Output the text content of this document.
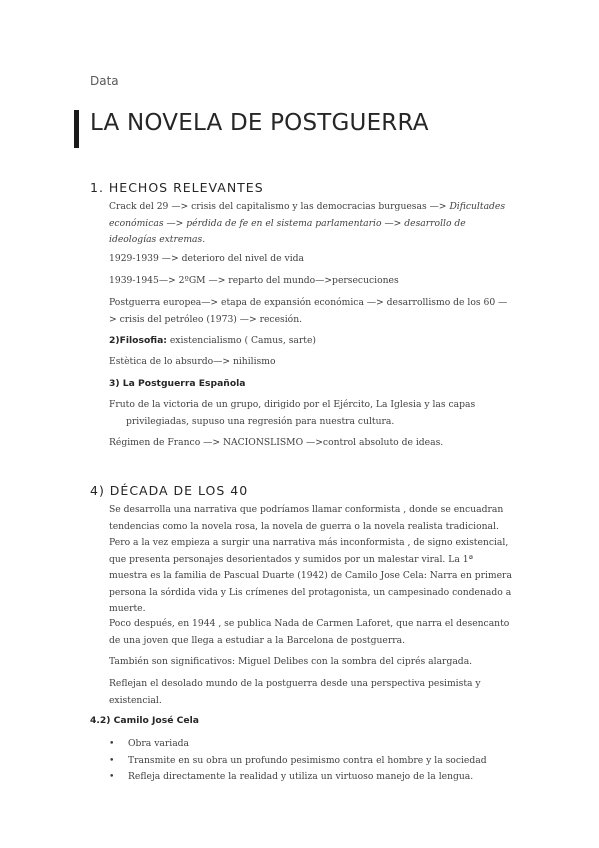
Data
LA NOVELA DE POSTGUERRA
1. HECHOS RELEVANTES
Crack del 29 —> crisis del capitalismo y las democracias burguesas —> Dificultades económicas —> pérdida de fe en el sistema parlamentario —> desarrollo de ideologías extremas.
1929-1939 —> deterioro del nivel de vida
1939-1945—> 2ºGM —> reparto del mundo—>persecuciones
Postguerra europea—> etapa de expansión económica —> desarrollismo de los 60 —> crisis del petróleo (1973) —> recesión.
2)Filosofia: existencialismo ( Camus, sarte)
Estètica de lo absurdo—> nihilismo
3) La Postguerra Española
Fruto de la victoria de un grupo, dirigido por el Ejército, La Iglesia y las capas privilegiadas, supuso una regresión para nuestra cultura.
Régimen de Franco —> NACIONSLISMO —>control absoluto de ideas.
4) DÉCADA DE LOS 40
Se desarrolla una narrativa que podríamos llamar conformista , donde se encuadran tendencias como la novela rosa, la novela de guerra o la novela realista tradicional. Pero a la vez empieza a surgir una narrativa más inconformista , de signo existencial, que presenta personajes desorientados y sumidos por un malestar viral. La 1ª muestra es la familia de Pascual Duarte (1942) de Camilo Jose Cela: Narra en primera persona la sórdida vida y Lis crímenes del protagonista, un campesinado condenado a muerte.
Poco después, en 1944 , se publica Nada de Carmen Laforet, que narra el desencanto de una joven que llega a estudiar a la Barcelona de postguerra.
También son significativos: Miguel Delibes con la sombra del ciprés alargada.
Reflejan el desolado mundo de la postguerra desde una perspectiva pesimista y existencial.
4.2) Camilo José Cela
• Obra variada
• Transmite en su obra un profundo pesimismo contra el hombre y la sociedad
• Refleja directamente la realidad y utiliza un virtuoso manejo de la lengua.
